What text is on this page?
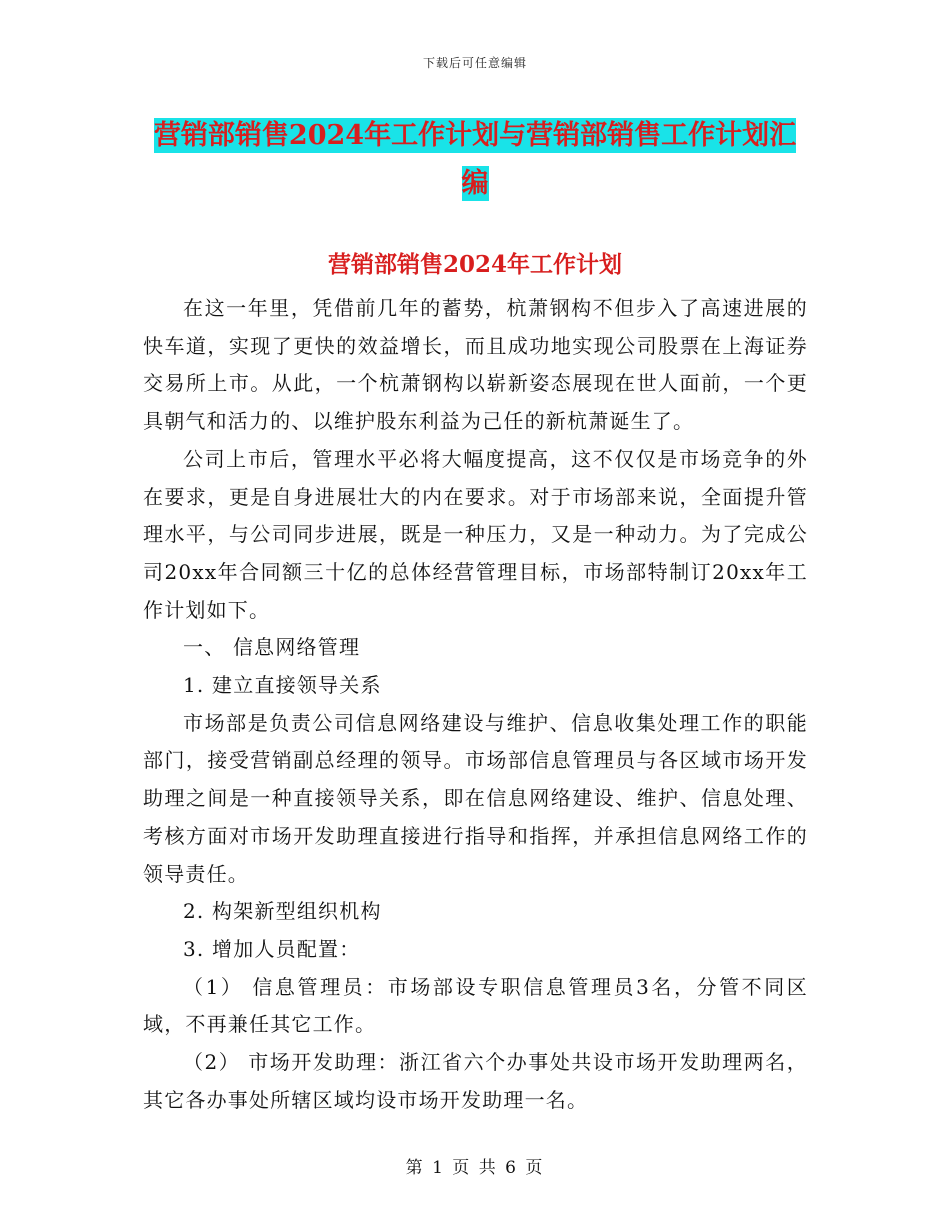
下载后可任意编辑
营销部销售2024年工作计划与营销部销售工作计划汇
编
营销部销售2024年工作计划

在这一年里，凭借前几年的蓄势，杭萧钢构不但步入了高速进展的快车道，实现了更快的效益增长，而且成功地实现公司股票在上海证券交易所上市。从此，一个杭萧钢构以崭新姿态展现在世人面前，一个更具朝气和活力的、以维护股东利益为己任的新杭萧诞生了。

公司上市后，管理水平必将大幅度提高，这不仅仅是市场竞争的外在要求，更是自身进展壮大的内在要求。对于市场部来说，全面提升管理水平，与公司同步进展，既是一种压力，又是一种动力。为了完成公司20xx年合同额三十亿的总体经营管理目标，市场部特制订20xx年工作计划如下。

一、 信息网络管理

1. 建立直接领导关系

市场部是负责公司信息网络建设与维护、信息收集处理工作的职能部门，接受营销副总经理的领导。市场部信息管理员与各区域市场开发助理之间是一种直接领导关系，即在信息网络建设、维护、信息处理、考核方面对市场开发助理直接进行指导和指挥，并承担信息网络工作的领导责任。

2. 构架新型组织机构

3. 增加人员配置：

（1） 信息管理员：市场部设专职信息管理员3名，分管不同区域，不再兼任其它工作。

（2） 市场开发助理：浙江省六个办事处共设市场开发助理两名，其它各办事处所辖区域均设市场开发助理一名。

第 1 页 共 6 页
